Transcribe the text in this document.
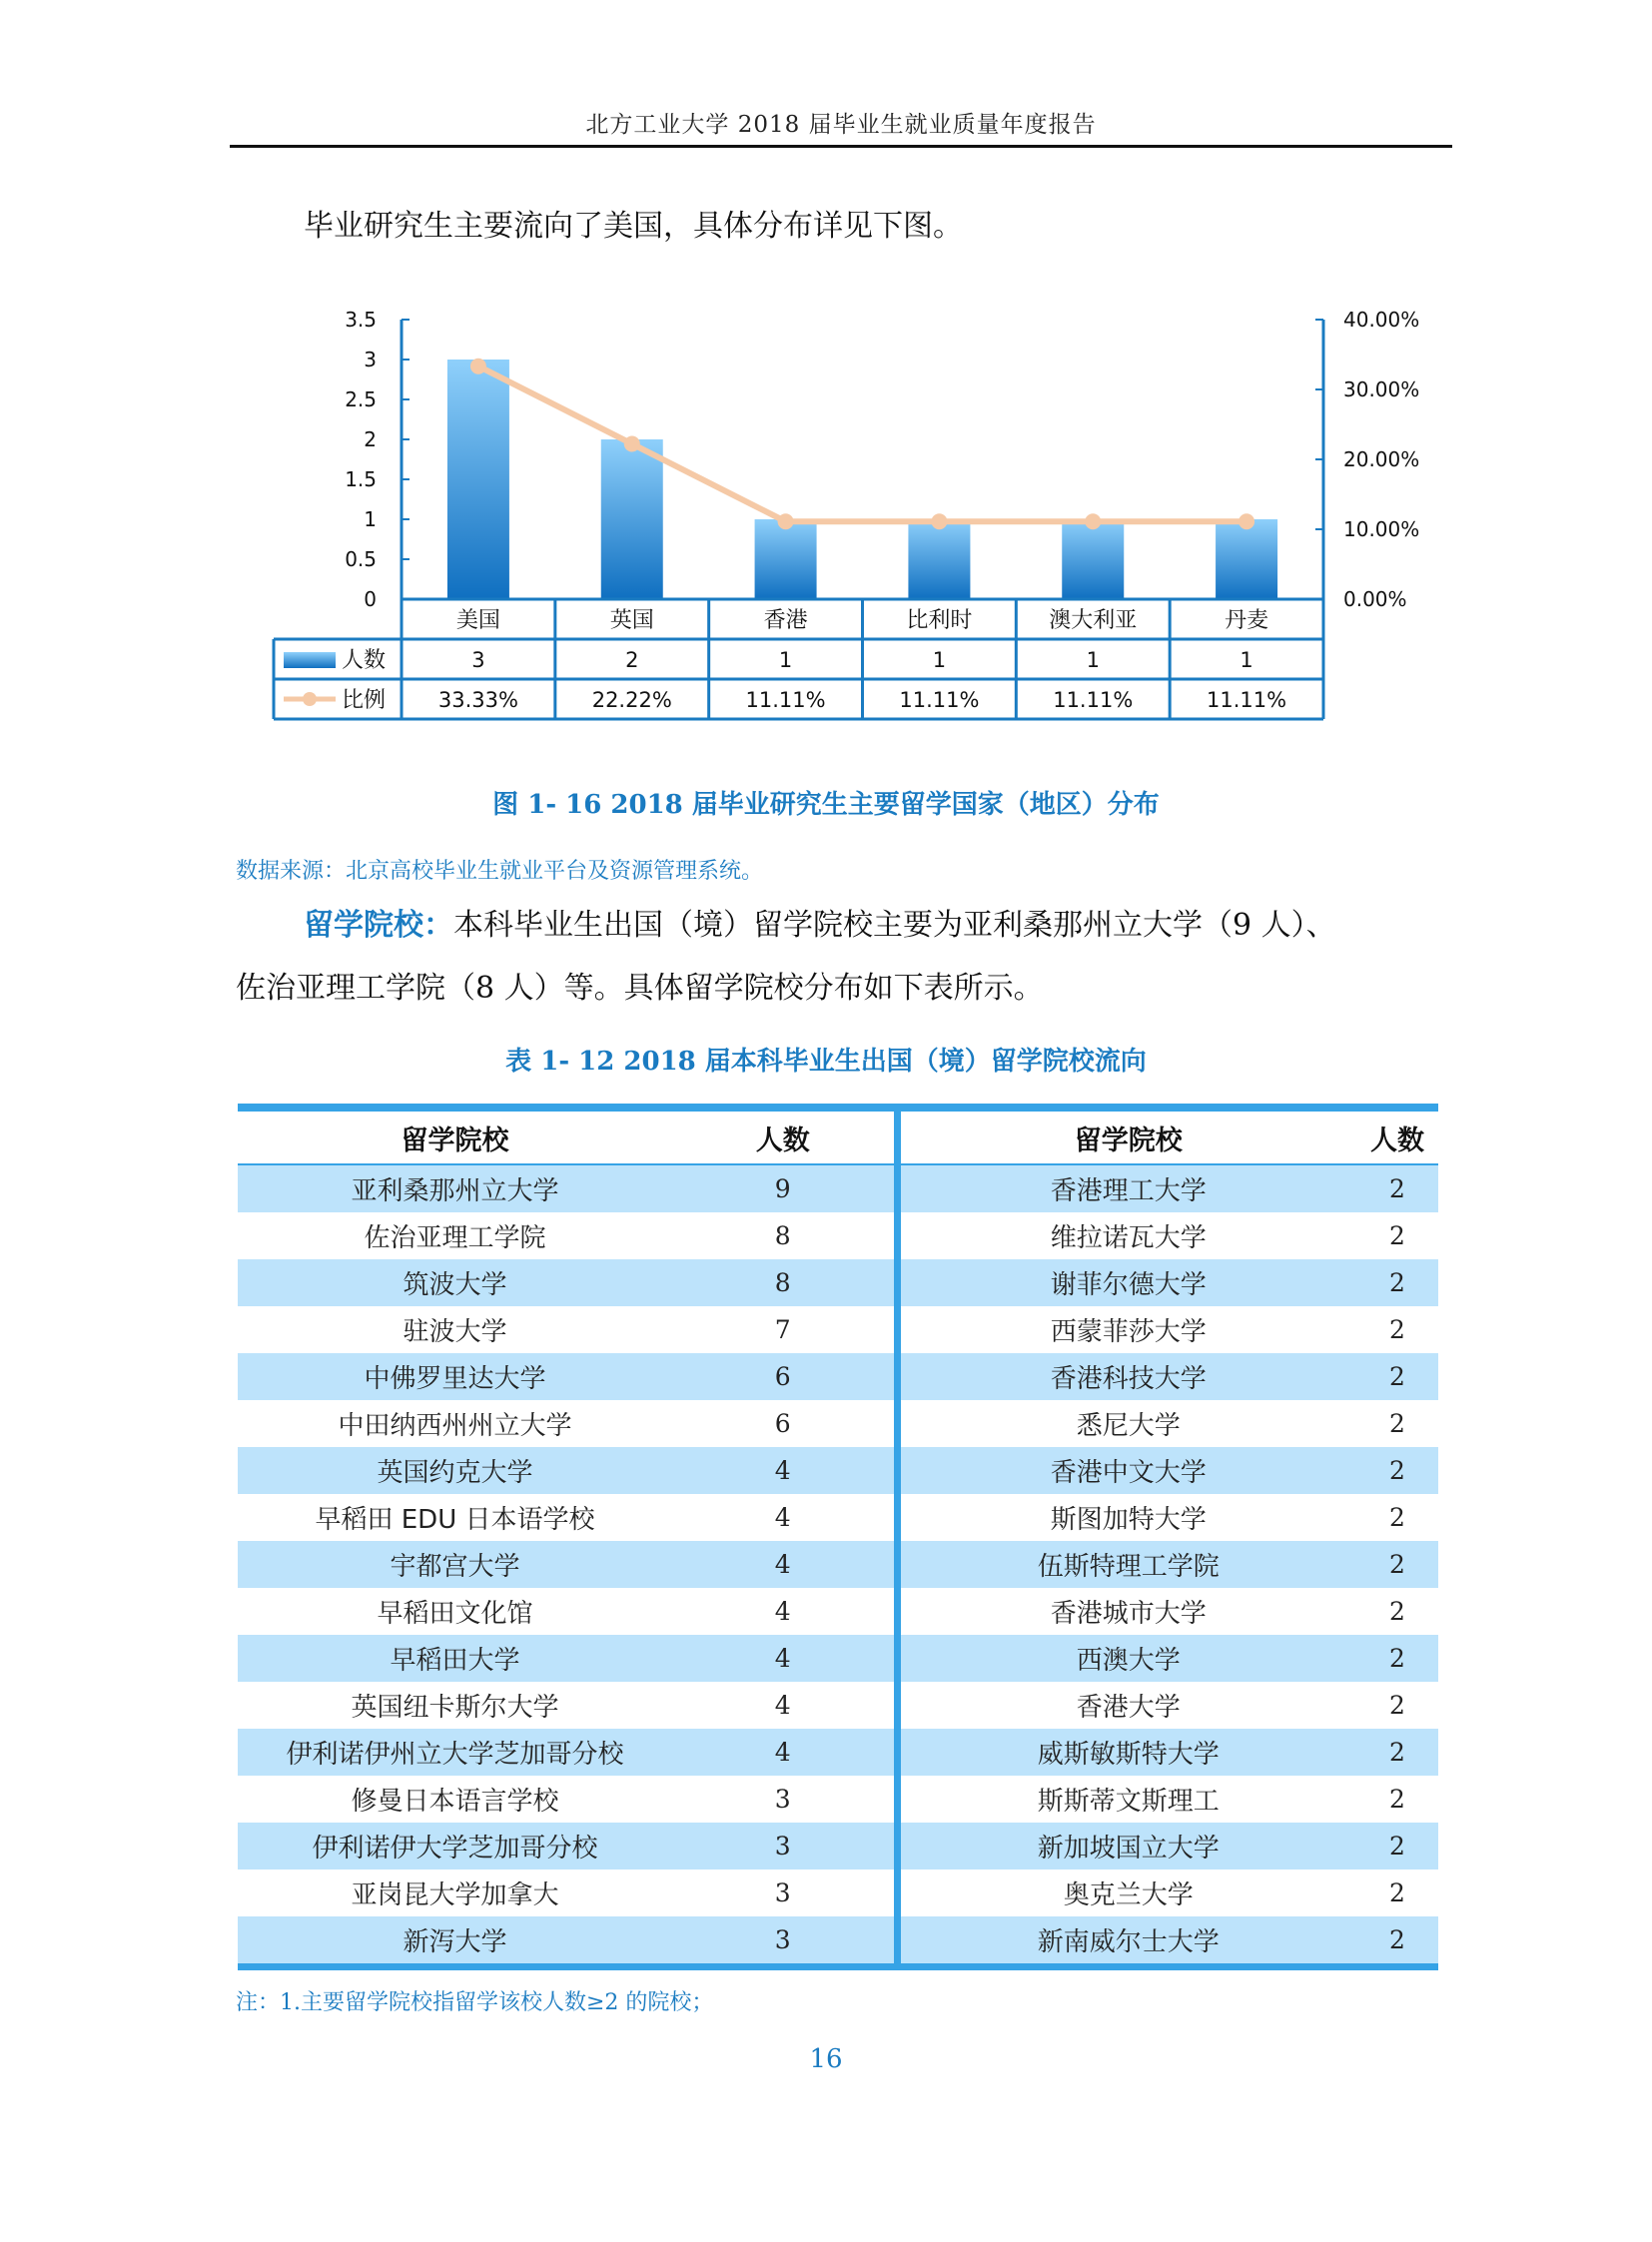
北方工业大学 2018 届毕业生就业质量年度报告
毕业研究生主要流向了美国，具体分布详见下图。
0
0.5
1
1.5
2
2.5
3
3.5
0.00%
10.00%
20.00%
30.00%
40.00%
美国	英国	香港	比利时	澳大利亚	丹麦
人数
比例
3	2	1	1	1	1
33.33%	22.22%	11.11%	11.11%	11.11%	11.11%
图 1- 16 2018 届毕业研究生主要留学国家（地区）分布
数据来源：北京高校毕业生就业平台及资源管理系统。
留学院校：本科毕业生出国（境）留学院校主要为亚利桑那州立大学（9 人）、
佐治亚理工学院（8 人）等。具体留学院校分布如下表所示。
表 1- 12 2018 届本科毕业生出国（境）留学院校流向
留学院校	人数	留学院校	人数
亚利桑那州立大学	9	香港理工大学	2
佐治亚理工学院	8	维拉诺瓦大学	2
筑波大学	8	谢菲尔德大学	2
驻波大学	7	西蒙菲莎大学	2
中佛罗里达大学	6	香港科技大学	2
中田纳西州州立大学	6	悉尼大学	2
英国约克大学	4	香港中文大学	2
早稻田 EDU 日本语学校	4	斯图加特大学	2
宇都宫大学	4	伍斯特理工学院	2
早稻田文化馆	4	香港城市大学	2
早稻田大学	4	西澳大学	2
英国纽卡斯尔大学	4	香港大学	2
伊利诺伊州立大学芝加哥分校	4	威斯敏斯特大学	2
修曼日本语言学校	3	斯斯蒂文斯理工	2
伊利诺伊大学芝加哥分校	3	新加坡国立大学	2
亚岗昆大学加拿大	3	奥克兰大学	2
新泻大学	3	新南威尔士大学	2
注：1.主要留学院校指留学该校人数≥2 的院校；
16
